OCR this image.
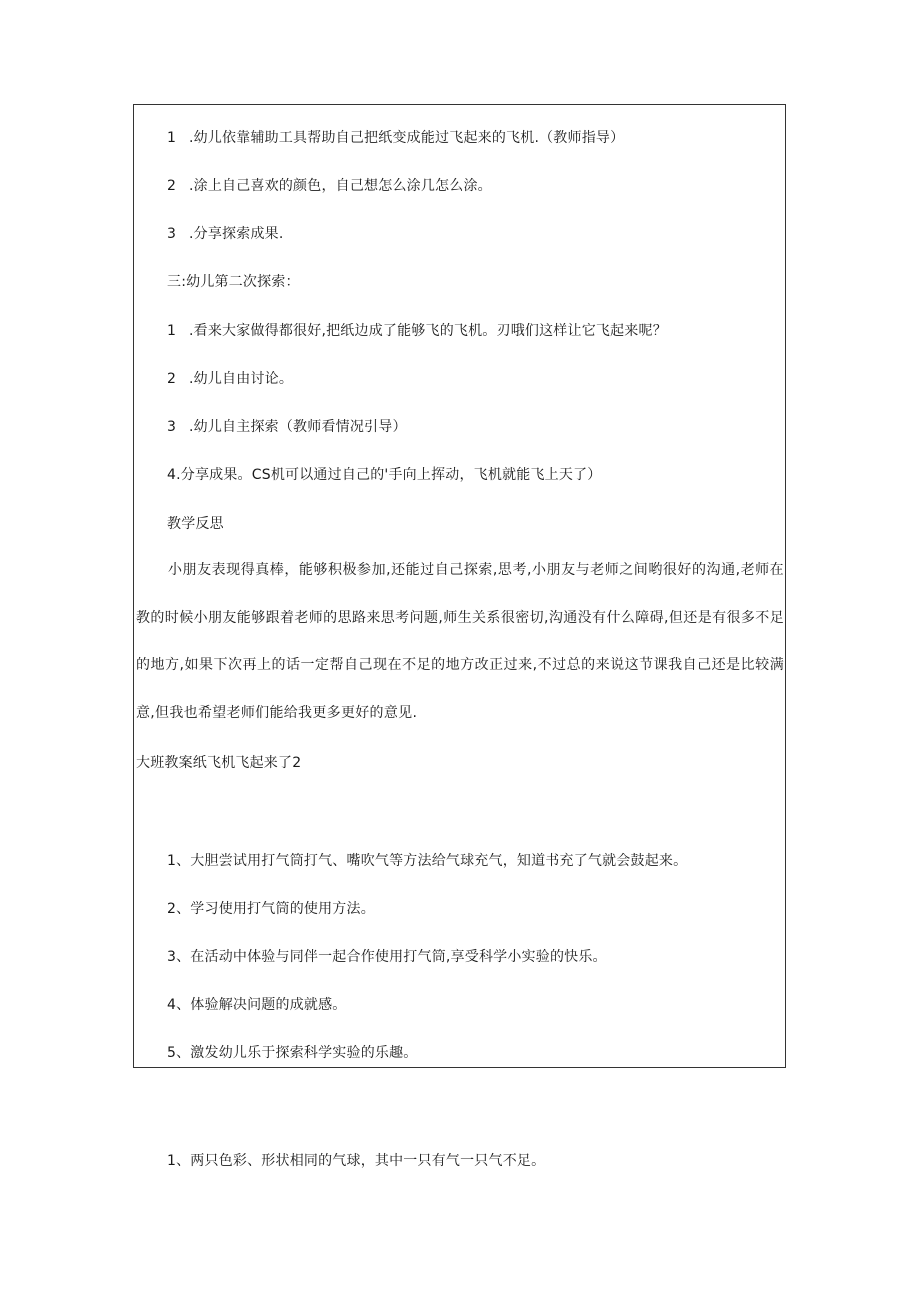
1 .幼儿依靠辅助工具帮助自己把纸变成能过飞起来的飞机.（教师指导）
2 .涂上自己喜欢的颜色，自己想怎么涂几怎么涂。
3 .分享探索成果.
三:幼儿第二次探索：
1 .看来大家做得都很好,把纸边成了能够飞的飞机。刃哦们这样让它飞起来呢？
2 .幼儿自由讨论。
3 .幼儿自主探索（教师看情况引导）
4.分享成果。CS机可以通过自己的'手向上挥动，飞机就能飞上天了）
教学反思
小朋友表现得真棒，能够积极参加,还能过自己探索,思考,小朋友与老师之间哟很好的沟通,老师在教的时候小朋友能够跟着老师的思路来思考问题,师生关系很密切,沟通没有什么障碍,但还是有很多不足的地方,如果下次再上的话一定帮自己现在不足的地方改正过来,不过总的来说这节课我自己还是比较满意,但我也希望老师们能给我更多更好的意见.
大班教案纸飞机飞起来了2
1、大胆尝试用打气筒打气、嘴吹气等方法给气球充气，知道书充了气就会鼓起来。
2、学习使用打气筒的使用方法。
3、在活动中体验与同伴一起合作使用打气筒,享受科学小实验的快乐。
4、体验解决问题的成就感。
5、激发幼儿乐于探索科学实验的乐趣。
1、两只色彩、形状相同的气球，其中一只有气一只气不足。
